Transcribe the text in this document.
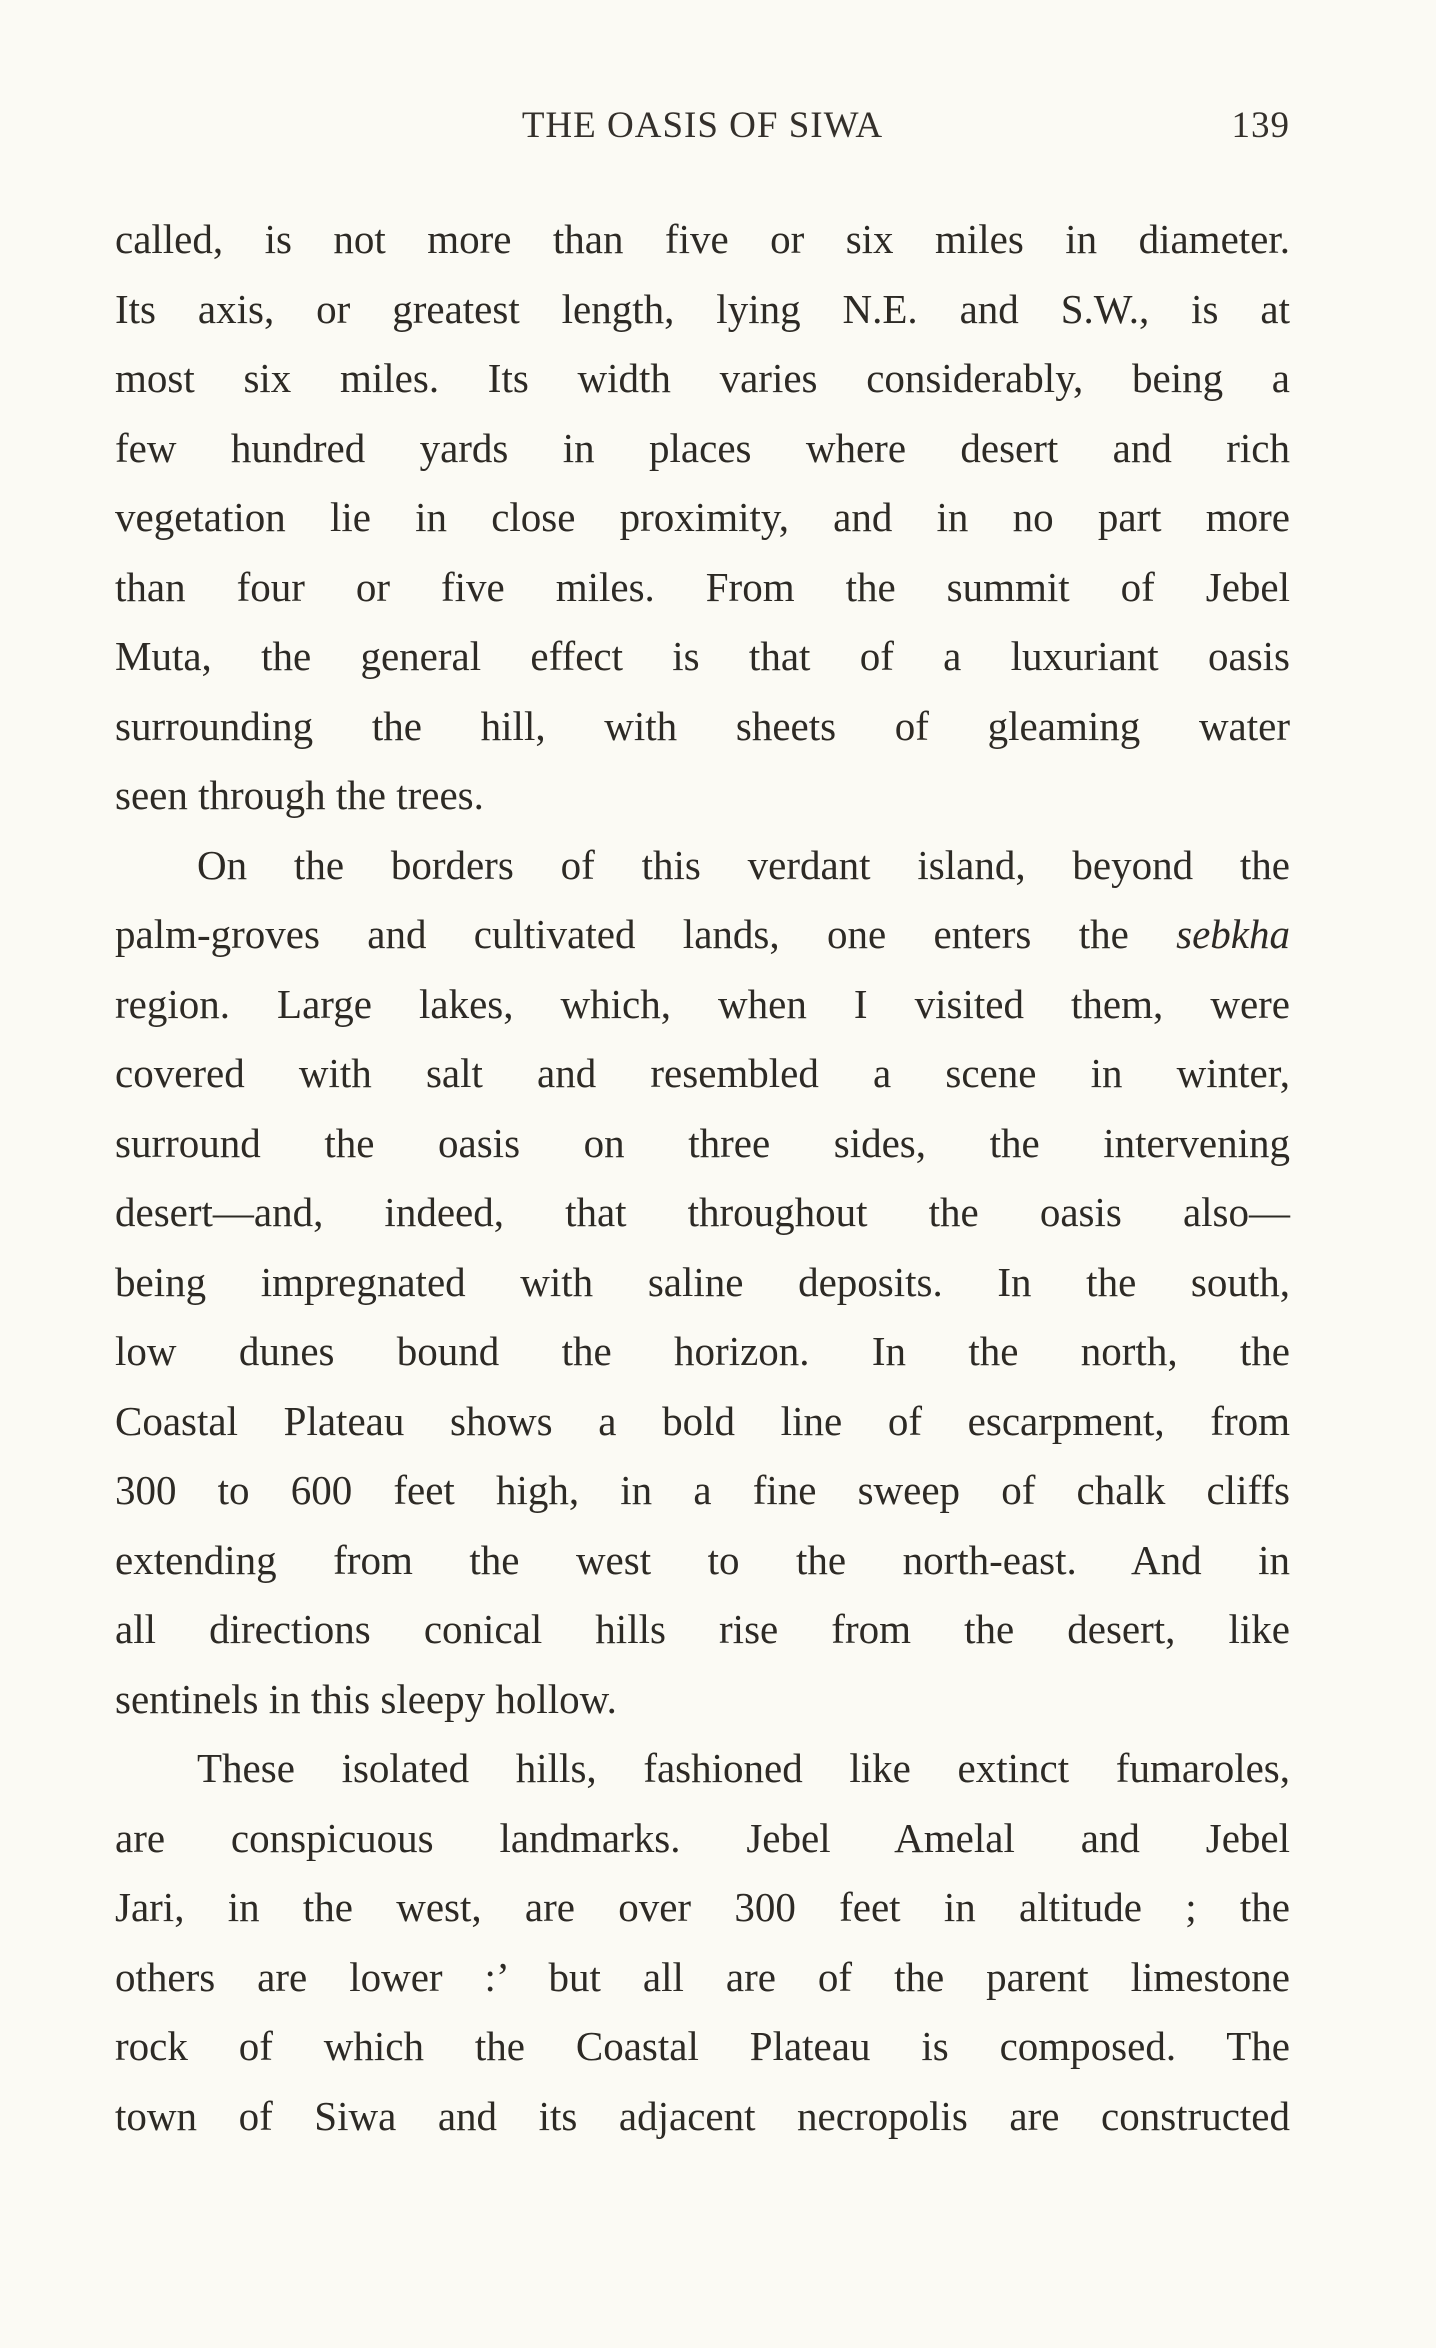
THE OASIS OF SIWA	139
called, is not more than five or six miles in diameter.
Its axis, or greatest length, lying N.E. and S.W., is at
most six miles. Its width varies considerably, being a
few hundred yards in places where desert and rich
vegetation lie in close proximity, and in no part more
than four or five miles. From the summit of Jebel
Muta, the general effect is that of a luxuriant oasis
surrounding the hill, with sheets of gleaming water
seen through the trees.
On the borders of this verdant island, beyond the
palm-groves and cultivated lands, one enters the sebkha
region. Large lakes, which, when I visited them, were
covered with salt and resembled a scene in winter,
surround the oasis on three sides, the intervening
desert—and, indeed, that throughout the oasis also—
being impregnated with saline deposits. In the south,
low dunes bound the horizon. In the north, the
Coastal Plateau shows a bold line of escarpment, from
300 to 600 feet high, in a fine sweep of chalk cliffs
extending from the west to the north-east. And in
all directions conical hills rise from the desert, like
sentinels in this sleepy hollow.
These isolated hills, fashioned like extinct fumaroles,
are conspicuous landmarks. Jebel Amelal and Jebel
Jari, in the west, are over 300 feet in altitude ; the
others are lower :’ but all are of the parent limestone
rock of which the Coastal Plateau is composed. The
town of Siwa and its adjacent necropolis are constructed
